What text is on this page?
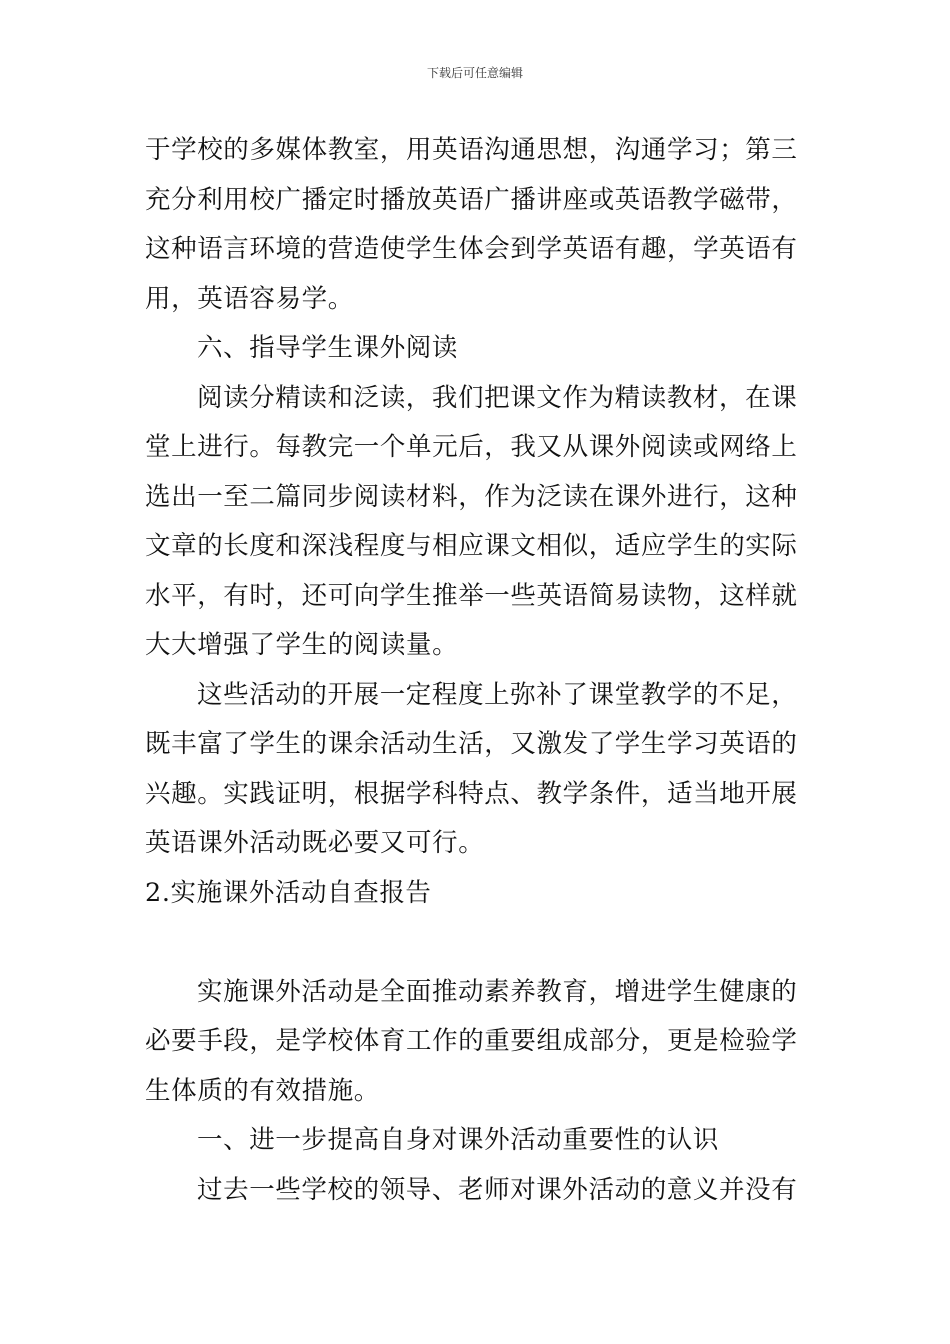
下载后可任意编辑
于学校的多媒体教室，用英语沟通思想，沟通学习；第三
充分利用校广播定时播放英语广播讲座或英语教学磁带，
这种语言环境的营造使学生体会到学英语有趣，学英语有
用，英语容易学。
六、指导学生课外阅读
阅读分精读和泛读，我们把课文作为精读教材，在课
堂上进行。每教完一个单元后，我又从课外阅读或网络上
选出一至二篇同步阅读材料，作为泛读在课外进行，这种
文章的长度和深浅程度与相应课文相似，适应学生的实际
水平，有时，还可向学生推举一些英语简易读物，这样就
大大增强了学生的阅读量。
这些活动的开展一定程度上弥补了课堂教学的不足，
既丰富了学生的课余活动生活，又激发了学生学习英语的
兴趣。实践证明，根据学科特点、教学条件，适当地开展
英语课外活动既必要又可行。
2.实施课外活动自查报告
实施课外活动是全面推动素养教育，增进学生健康的
必要手段，是学校体育工作的重要组成部分，更是检验学
生体质的有效措施。
一、进一步提高自身对课外活动重要性的认识
过去一些学校的领导、老师对课外活动的意义并没有
